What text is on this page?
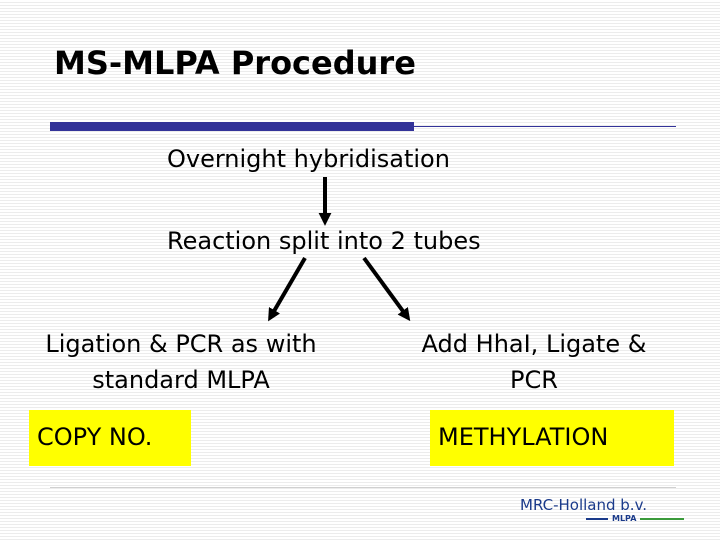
MS-MLPA Procedure
Overnight hybridisation
Reaction split into 2 tubes
Ligation & PCR as with
standard MLPA
Add HhaI, Ligate &
PCR
COPY NO.	METHYLATION
MRC-Holland b.v.
MLPA
